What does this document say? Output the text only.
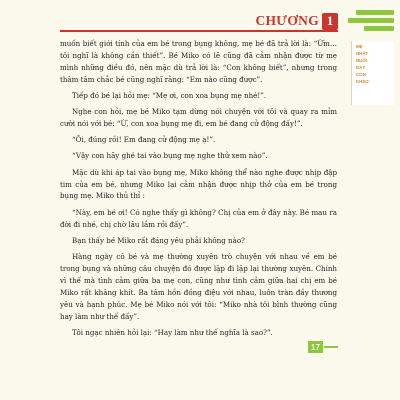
CHƯƠNG 1
MẸ
NHẬT
NUÔI
DẠY
CON
KHÉO

muốn biết giới tính của em bé trong bụng không, mẹ bé đã trả lời là: “Ừm… tôi nghĩ là không cần thiết”. Bé Miko có lẽ cũng đã cảm nhận được từ mẹ mình những điều đó, nên mặc dù trả lời là: “Con không biết”, nhưng trong thâm tâm chắc bé cũng nghĩ rằng: “Em nào cũng được”.

Tiếp đó bé lại hỏi mẹ: “Mẹ ơi, con xoa bụng mẹ nhé!”.

Nghe con hỏi, mẹ bé Miko tạm dừng nói chuyện với tôi và quay ra mỉm cười nói với bé: “Ừ, con xoa bụng mẹ đi, em bé đang cử động đấy!”.

“Ôi, đúng rồi! Em đang cử động mẹ ạ!”.

“Vậy con hãy ghé tai vào bụng mẹ nghe thử xem nào”.

Mặc dù khi áp tai vào bụng mẹ, Miko không thể nào nghe được nhịp đập tim của em bé, nhưng Miko lại cảm nhận được nhịp thở của em bé trong bụng mẹ. Miko thủ thỉ :

“Này, em bé ơi! Có nghe thấy gì không? Chị của em ở đây này. Bé mau ra đời đi nhé, chị chờ lâu lắm rồi đấy”.

Bạn thấy bé Miko rất đáng yêu phải không nào?

Hàng ngày cô bé và mẹ thường xuyên trò chuyện với nhau về em bé trong bụng và những câu chuyện đó được lặp đi lặp lại thường xuyên. Chính vì thế mà tình cảm giữa ba mẹ con, cũng như tình cảm giữa hai chị em bé Miko rất khăng khít. Ba tâm hồn đồng điệu với nhau, luôn tràn đầy thương yêu và hạnh phúc. Mẹ bé Miko nói với tôi: “Miko nhà tôi bình thường cũng hay làm như thế đấy”.

Tôi ngạc nhiên hỏi lại: “Hay làm như thế nghĩa là sao?”.

17
